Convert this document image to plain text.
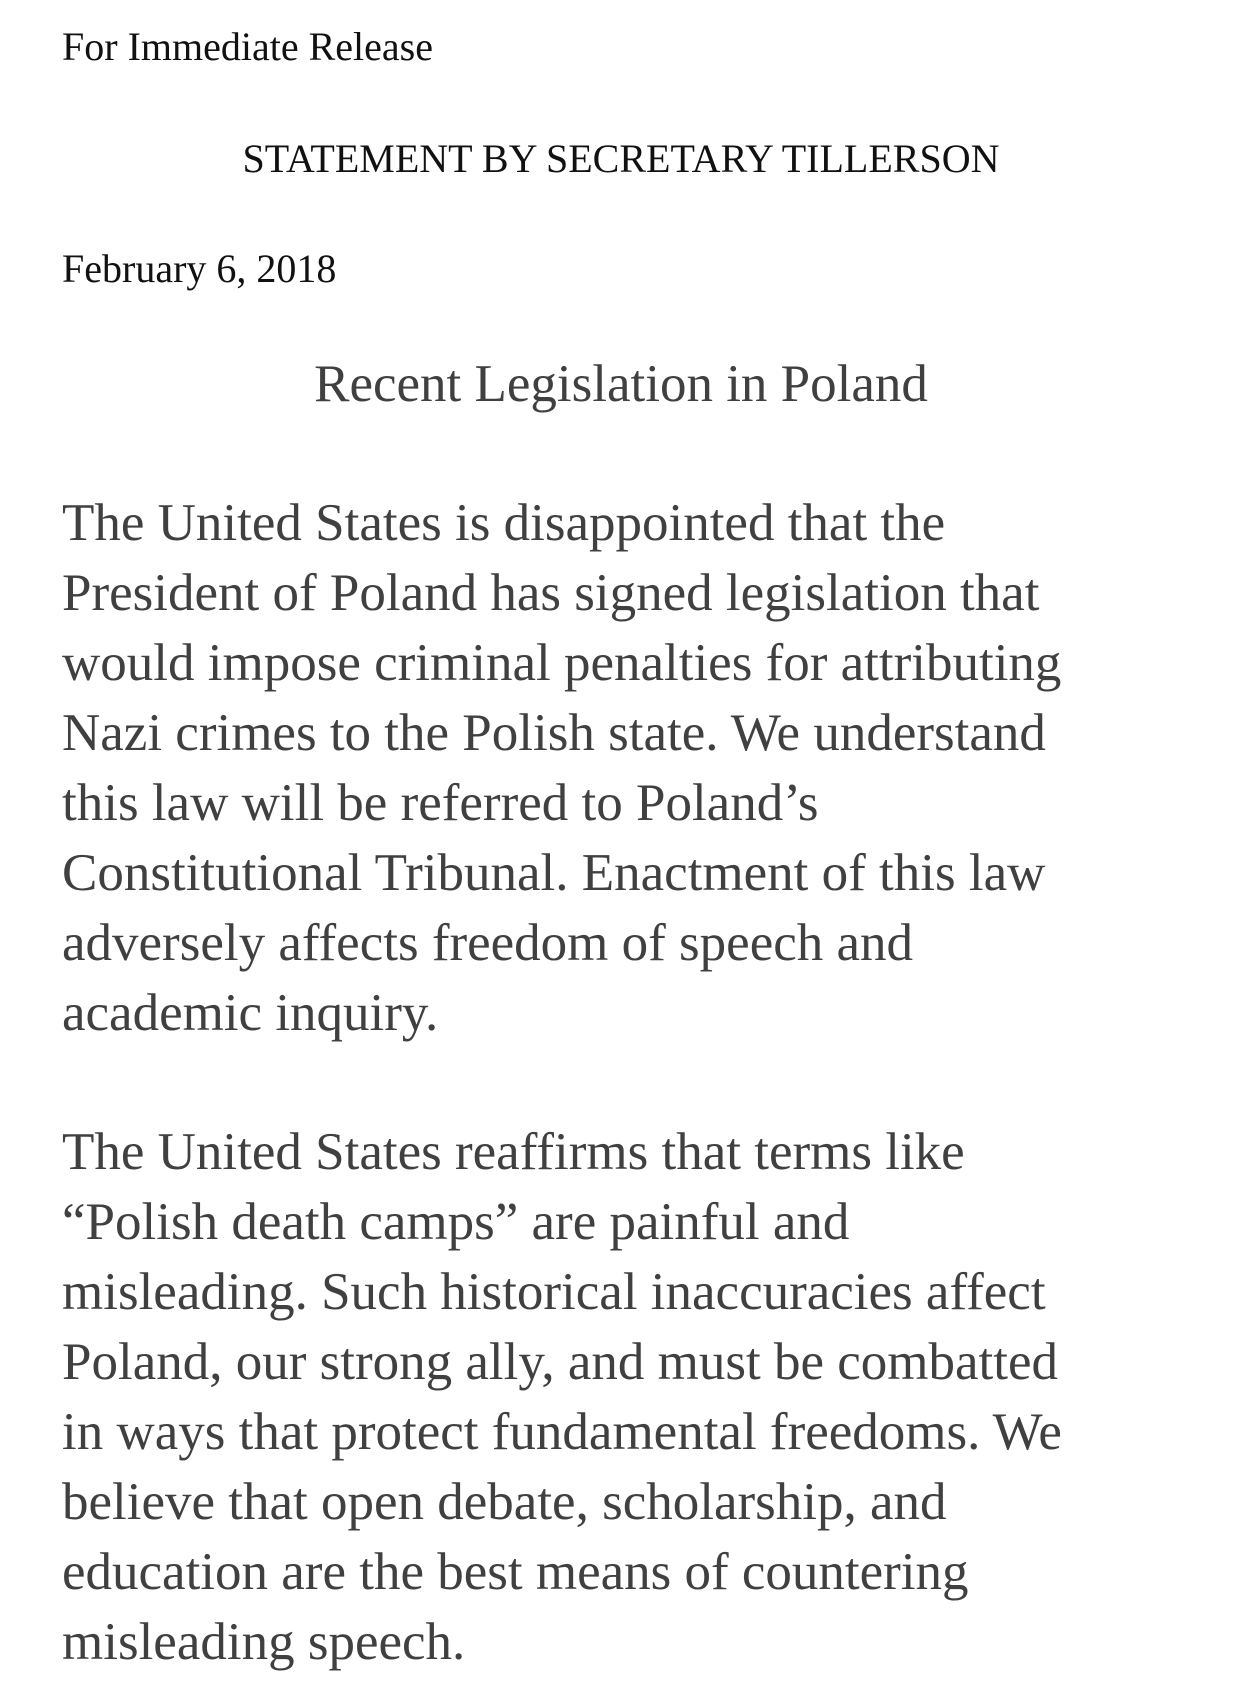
For Immediate Release

STATEMENT BY SECRETARY TILLERSON

February 6, 2018

Recent Legislation in Poland

The United States is disappointed that the
President of Poland has signed legislation that
would impose criminal penalties for attributing
Nazi crimes to the Polish state. We understand
this law will be referred to Poland’s
Constitutional Tribunal. Enactment of this law
adversely affects freedom of speech and
academic inquiry.

The United States reaffirms that terms like
“Polish death camps” are painful and
misleading. Such historical inaccuracies affect
Poland, our strong ally, and must be combatted
in ways that protect fundamental freedoms. We
believe that open debate, scholarship, and
education are the best means of countering
misleading speech.
